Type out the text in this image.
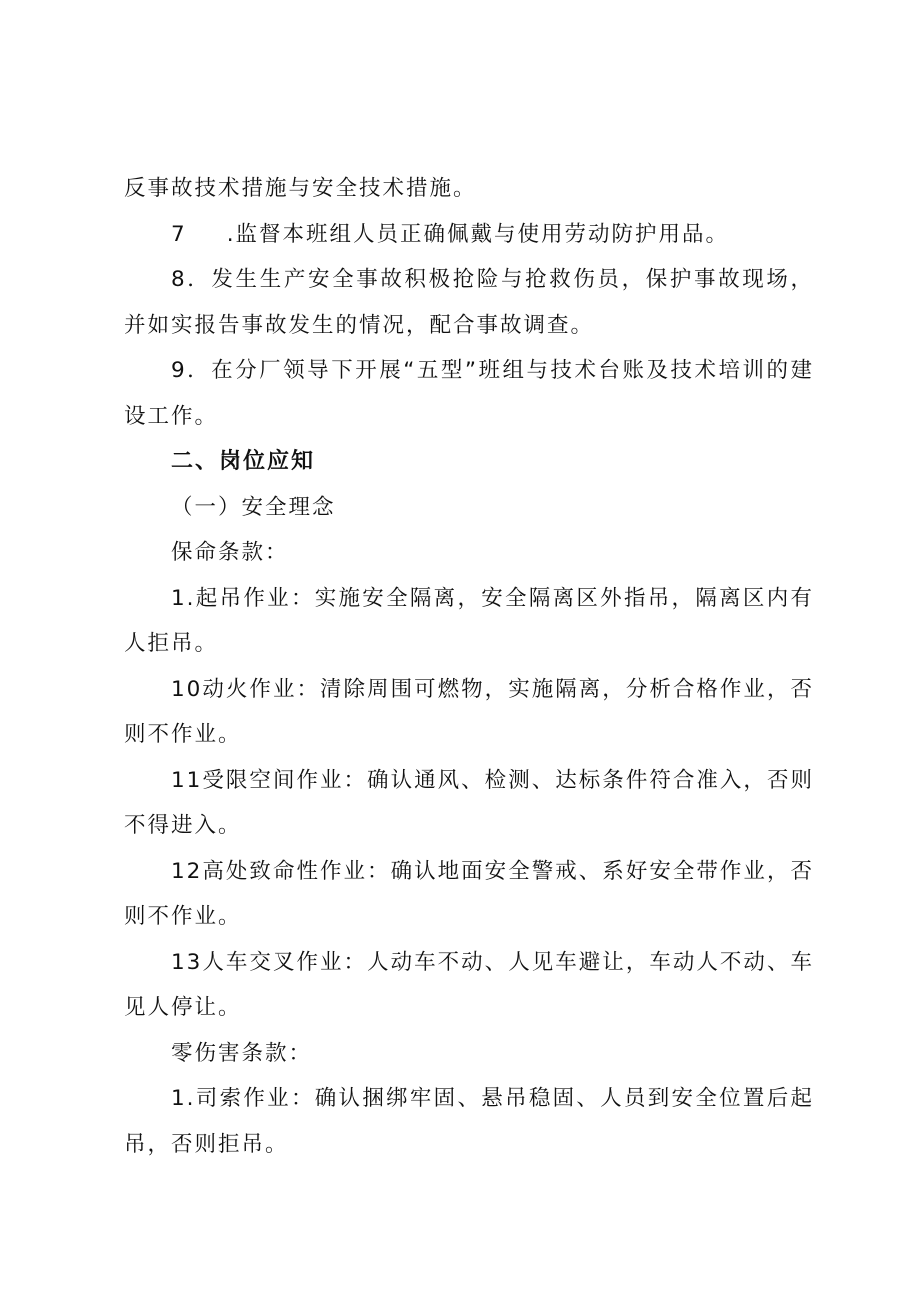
反事故技术措施与安全技术措施。

7 .监督本班组人员正确佩戴与使用劳动防护用品。

8．发生生产安全事故积极抢险与抢救伤员，保护事故现场，并如实报告事故发生的情况，配合事故调查。

9．在分厂领导下开展“五型”班组与技术台账及技术培训的建设工作。

二、岗位应知

（一）安全理念

保命条款：

1.起吊作业：实施安全隔离，安全隔离区外指吊，隔离区内有人拒吊。

10动火作业：清除周围可燃物，实施隔离，分析合格作业，否则不作业。

11受限空间作业：确认通风、检测、达标条件符合准入，否则不得进入。

12高处致命性作业：确认地面安全警戒、系好安全带作业，否则不作业。

13人车交叉作业：人动车不动、人见车避让，车动人不动、车见人停让。

零伤害条款：

1.司索作业：确认捆绑牢固、悬吊稳固、人员到安全位置后起吊，否则拒吊。
